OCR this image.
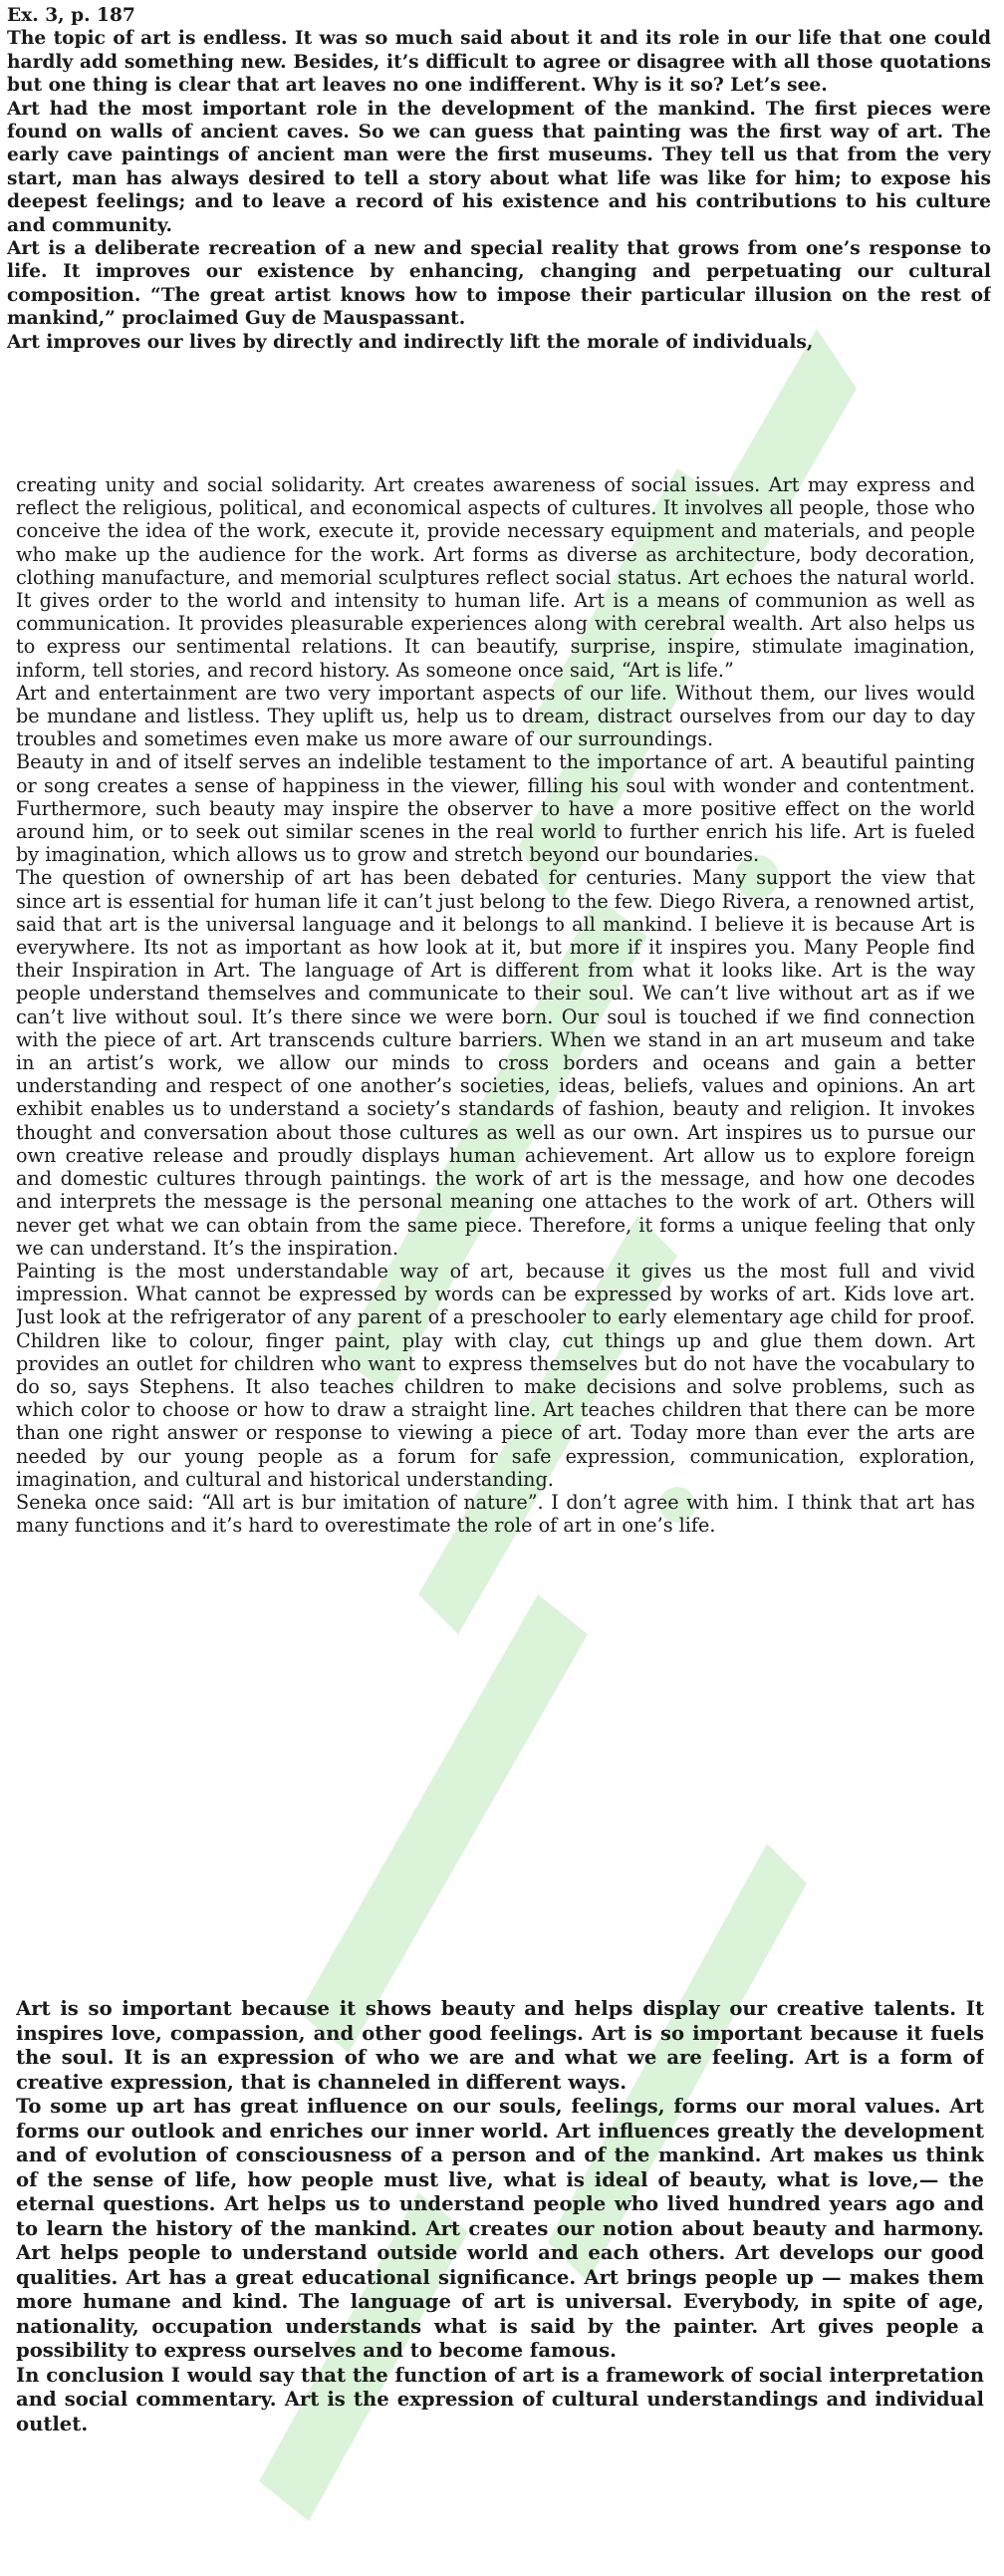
Ex. 3, p. 187

The topic of art is endless. It was so much said about it and its role in our life that one could hardly add something new. Besides, it’s difficult to agree or disagree with all those quotations but one thing is clear that art leaves no one indifferent. Why is it so? Let’s see.

Art had the most important role in the development of the mankind. The first pieces were found on walls of ancient caves. So we can guess that painting was the first way of art. The early cave paintings of ancient man were the first museums. They tell us that from the very start, man has always desired to tell a story about what life was like for him; to expose his deepest feelings; and to leave a record of his existence and his contributions to his culture and community.

Art is a deliberate recreation of a new and special reality that grows from one’s response to life. It improves our existence by enhancing, changing and perpetuating our cultural composition. “The great artist knows how to impose their particular illusion on the rest of mankind,” proclaimed Guy de Mauspassant.

Art improves our lives by directly and indirectly lift the morale of individuals,

creating unity and social solidarity. Art creates awareness of social issues. Art may express and reflect the religious, political, and economical aspects of cultures. It involves all people, those who conceive the idea of the work, execute it, provide necessary equipment and materials, and people who make up the audience for the work. Art forms as diverse as architecture, body decoration, clothing manufacture, and memorial sculptures reflect social status. Art echoes the natural world. It gives order to the world and intensity to human life. Art is a means of communion as well as communication. It provides pleasurable experiences along with cerebral wealth. Art also helps us to express our sentimental relations. It can beautify, surprise, inspire, stimulate imagination, inform, tell stories, and record history. As someone once said, “Art is life.”

Art and entertainment are two very important aspects of our life. Without them, our lives would be mundane and listless. They uplift us, help us to dream, distract ourselves from our day to day troubles and sometimes even make us more aware of our surroundings.

Beauty in and of itself serves an indelible testament to the importance of art. A beautiful painting or song creates a sense of happiness in the viewer, filling his soul with wonder and contentment. Furthermore, such beauty may inspire the observer to have a more positive effect on the world around him, or to seek out similar scenes in the real world to further enrich his life. Art is fueled by imagination, which allows us to grow and stretch beyond our boundaries.

The question of ownership of art has been debated for centuries. Many support the view that since art is essential for human life it can’t just belong to the few. Diego Rivera, a renowned artist, said that art is the universal language and it belongs to all mankind. I believe it is because Art is everywhere. Its not as important as how look at it, but more if it inspires you. Many People find their Inspiration in Art. The language of Art is different from what it looks like. Art is the way people understand themselves and communicate to their soul. We can’t live without art as if we can’t live without soul. It’s there since we were born. Our soul is touched if we find connection with the piece of art. Art transcends culture barriers. When we stand in an art museum and take in an artist’s work, we allow our minds to cross borders and oceans and gain a better understanding and respect of one another’s societies, ideas, beliefs, values and opinions. An art exhibit enables us to understand a society’s standards of fashion, beauty and religion. It invokes thought and conversation about those cultures as well as our own. Art inspires us to pursue our own creative release and proudly displays human achievement. Art allow us to explore foreign and domestic cultures through paintings. the work of art is the message, and how one decodes and interprets the message is the personal meaning one attaches to the work of art. Others will never get what we can obtain from the same piece. Therefore, it forms a unique feeling that only we can understand. It’s the inspiration.

Painting is the most understandable way of art, because it gives us the most full and vivid impression. What cannot be expressed by words can be expressed by works of art. Kids love art. Just look at the refrigerator of any parent of a preschooler to early elementary age child for proof. Children like to colour, finger paint, play with clay, cut things up and glue them down. Art provides an outlet for children who want to express themselves but do not have the vocabulary to do so, says Stephens. It also teaches children to make decisions and solve problems, such as which color to choose or how to draw a straight line. Art teaches children that there can be more than one right answer or response to viewing a piece of art. Today more than ever the arts are needed by our young people as a forum for safe expression, communication, exploration, imagination, and cultural and historical understanding.

Seneka once said: “All art is bur imitation of nature”. I don’t agree with him. I think that art has many functions and it’s hard to overestimate the role of art in one’s life.

Art is so important because it shows beauty and helps display our creative talents. It inspires love, compassion, and other good feelings. Art is so important because it fuels the soul. It is an expression of who we are and what we are feeling. Art is a form of creative expression, that is channeled in different ways.

To some up art has great influence on our souls, feelings, forms our moral values. Art forms our outlook and enriches our inner world. Art influences greatly the development and of evolution of consciousness of a person and of the mankind. Art makes us think of the sense of life, how people must live, what is ideal of beauty, what is love,— the eternal questions. Art helps us to understand people who lived hundred years ago and to learn the history of the mankind. Art creates our notion about beauty and harmony. Art helps people to understand outside world and each others. Art develops our good qualities. Art has a great educational significance. Art brings people up — makes them more humane and kind. The language of art is universal. Everybody, in spite of age, nationality, occupation understands what is said by the painter. Art gives people a possibility to express ourselves and to become famous.

In conclusion I would say that the function of art is a framework of social interpretation and social commentary. Art is the expression of cultural understandings and individual outlet.
